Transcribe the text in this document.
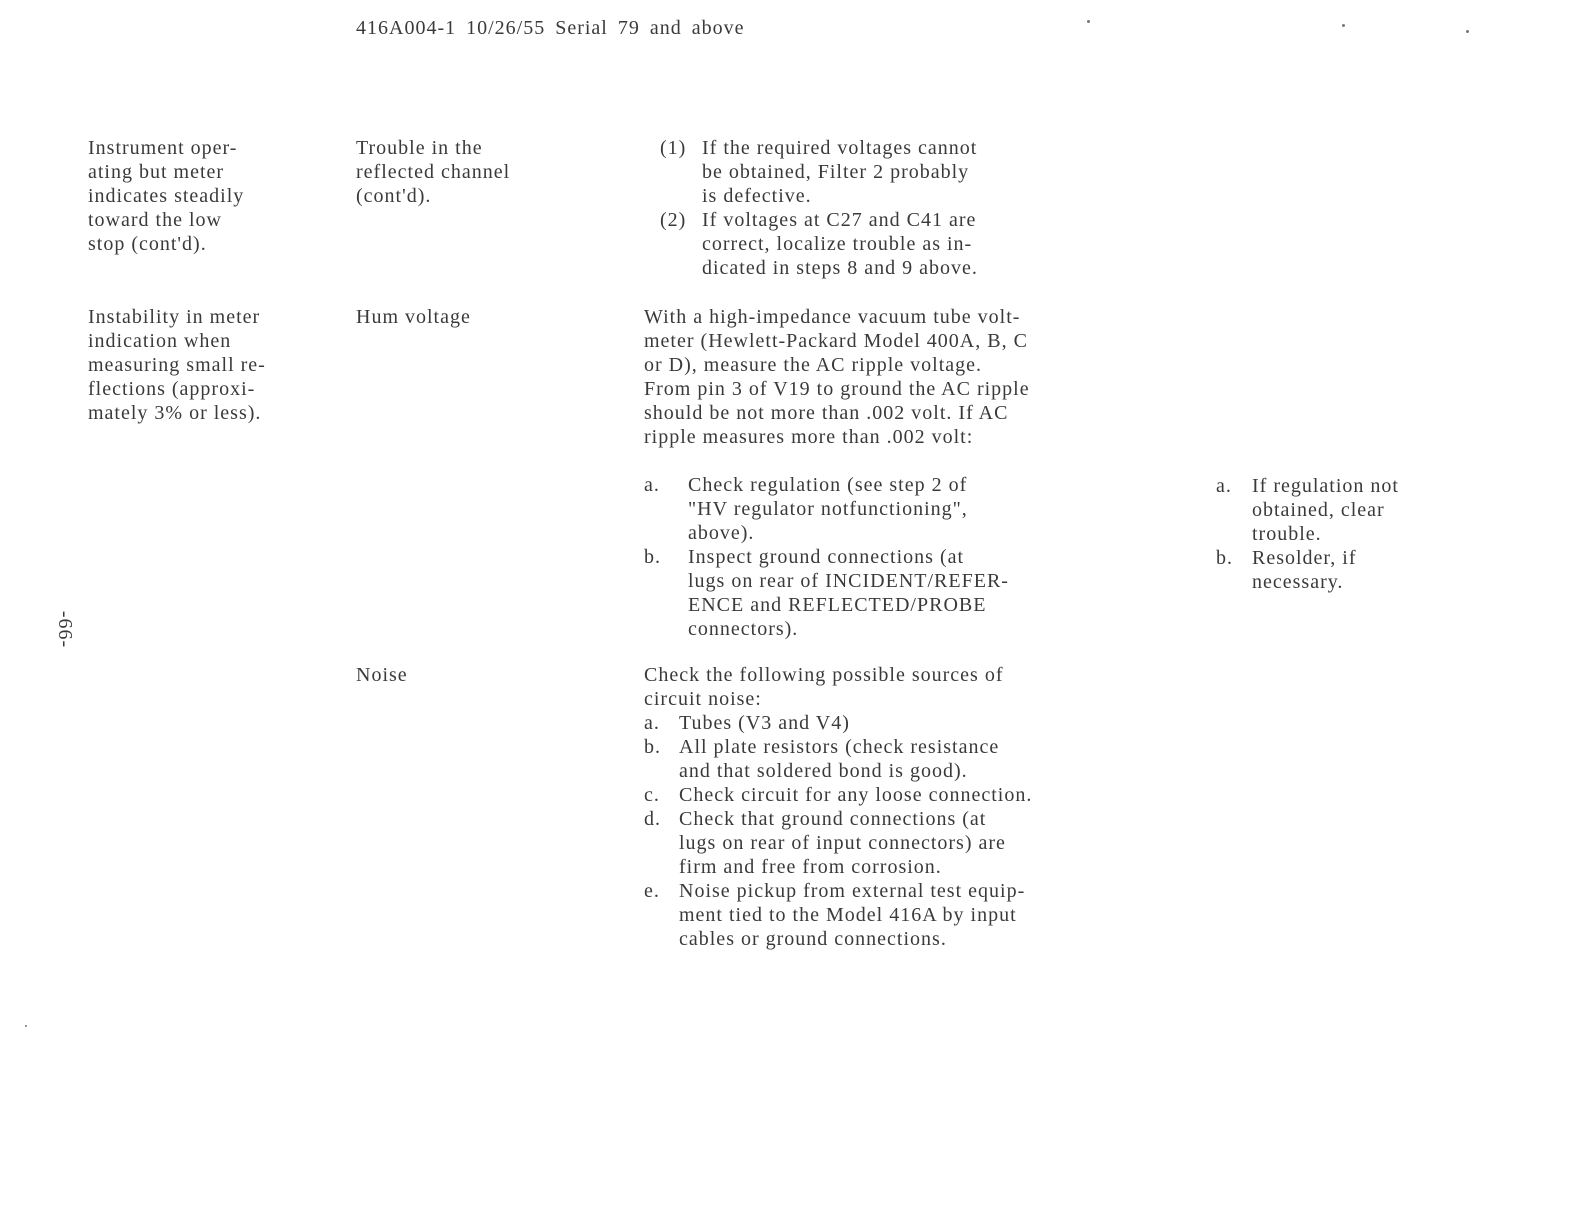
416A004-1 10/26/55 Serial 79 and above
-66-
Instrument oper-
ating but meter
indicates steadily
toward the low
stop (cont'd).
Trouble in the
reflected channel
(cont'd).
(1) If the required voltages cannot
be obtained, Filter 2 probably
is defective.
(2) If voltages at C27 and C41 are
correct, localize trouble as in-
dicated in steps 8 and 9 above.
Instability in meter
indication when
measuring small re-
flections (approxi-
mately 3% or less).
Hum voltage	With a high-impedance vacuum tube volt-
meter (Hewlett-Packard Model 400A, B, C
or D), measure the AC ripple voltage.
From pin 3 of V19 to ground the AC ripple
should be not more than .002 volt. If AC
ripple measures more than .002 volt:
a. Check regulation (see step 2 of
"HV regulator notfunctioning",
above).
b. Inspect ground connections (at
lugs on rear of INCIDENT/REFER-
ENCE and REFLECTED/PROBE
connectors).
a. If regulation not
obtained, clear
trouble.
b. Resolder, if
necessary.
Noise	Check the following possible sources of
circuit noise:
a. Tubes (V3 and V4)
b. All plate resistors (check resistance
and that soldered bond is good).
c. Check circuit for any loose connection.
d. Check that ground connections (at
lugs on rear of input connectors) are
firm and free from corrosion.
e. Noise pickup from external test equip-
ment tied to the Model 416A by input
cables or ground connections.
